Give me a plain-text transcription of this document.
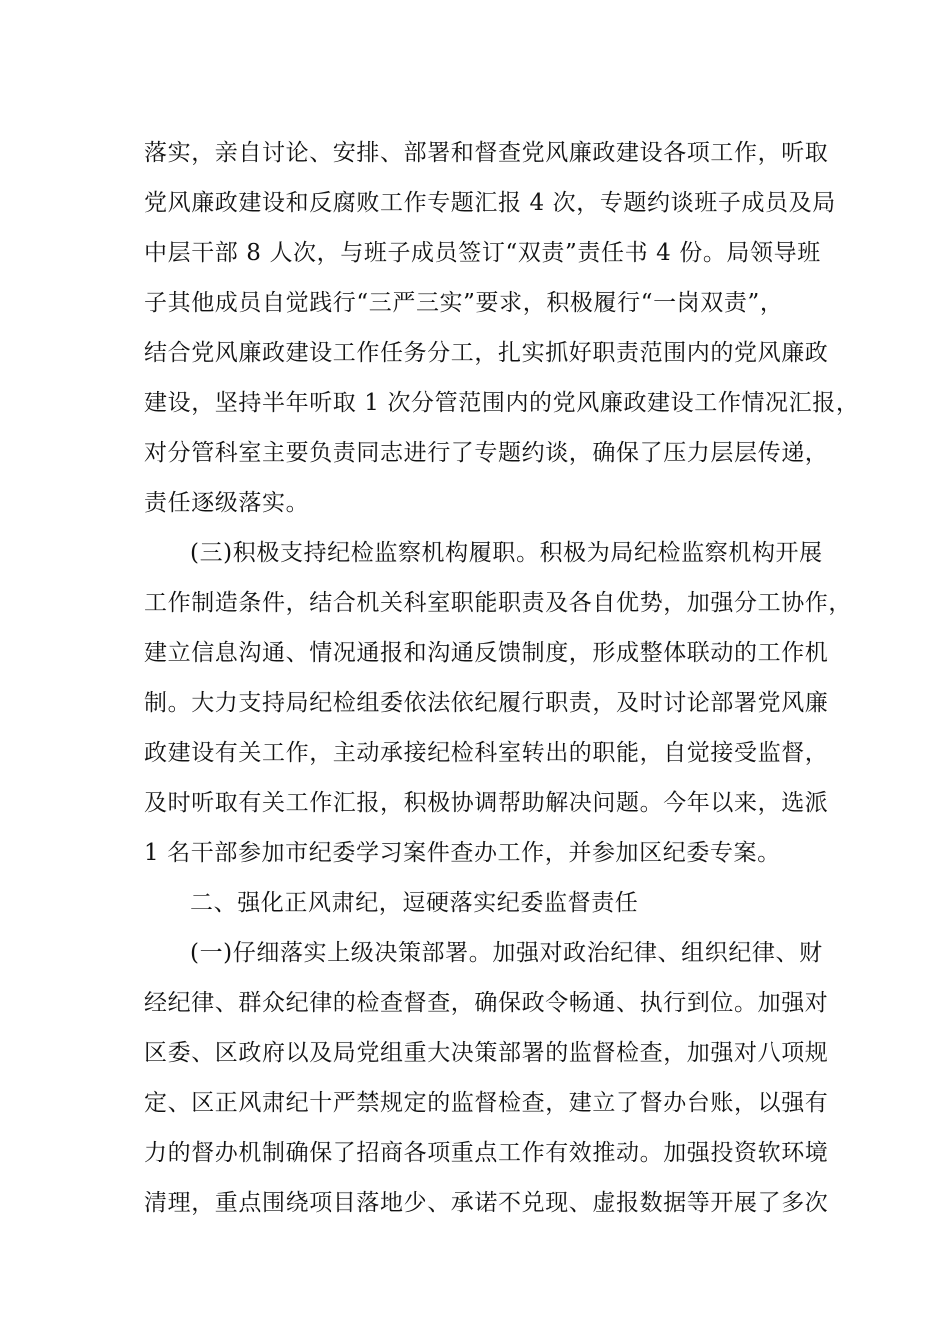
落实，亲自讨论、安排、部署和督查党风廉政建设各项工作，听取
党风廉政建设和反腐败工作专题汇报 4 次，专题约谈班子成员及局
中层干部 8 人次，与班子成员签订“双责”责任书 4 份。局领导班
子其他成员自觉践行“三严三实”要求，积极履行“一岗双责”，
结合党风廉政建设工作任务分工，扎实抓好职责范围内的党风廉政
建设，坚持半年听取 1 次分管范围内的党风廉政建设工作情况汇报，
对分管科室主要负责同志进行了专题约谈，确保了压力层层传递，
责任逐级落实。
(三)积极支持纪检监察机构履职。积极为局纪检监察机构开展
工作制造条件，结合机关科室职能职责及各自优势，加强分工协作，
建立信息沟通、情况通报和沟通反馈制度，形成整体联动的工作机
制。大力支持局纪检组委依法依纪履行职责，及时讨论部署党风廉
政建设有关工作，主动承接纪检科室转出的职能，自觉接受监督，
及时听取有关工作汇报，积极协调帮助解决问题。今年以来，选派
1 名干部参加市纪委学习案件查办工作，并参加区纪委专案。
二、强化正风肃纪，逗硬落实纪委监督责任
(一)仔细落实上级决策部署。加强对政治纪律、组织纪律、财
经纪律、群众纪律的检查督查，确保政令畅通、执行到位。加强对
区委、区政府以及局党组重大决策部署的监督检查，加强对八项规
定、区正风肃纪十严禁规定的监督检查，建立了督办台账，以强有
力的督办机制确保了招商各项重点工作有效推动。加强投资软环境
清理，重点围绕项目落地少、承诺不兑现、虚报数据等开展了多次
